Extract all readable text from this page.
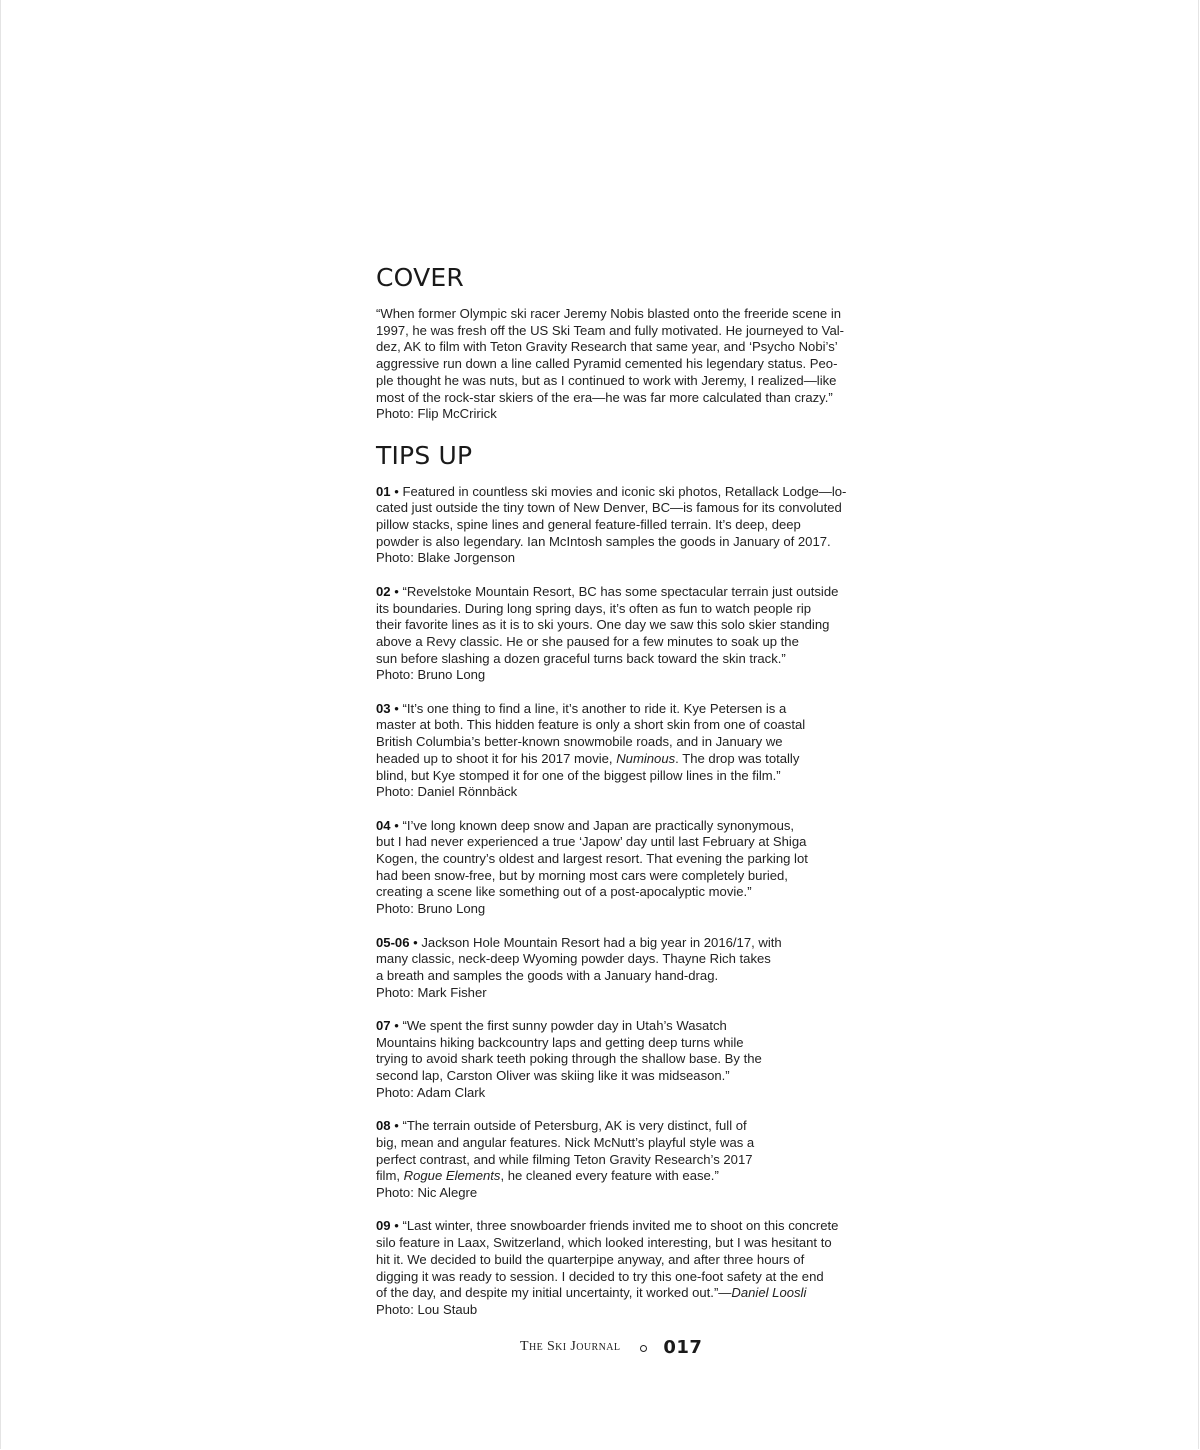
COVER

“When former Olympic ski racer Jeremy Nobis blasted onto the freeride scene in
1997, he was fresh off the US Ski Team and fully motivated. He journeyed to Val-
dez, AK to film with Teton Gravity Research that same year, and ‘Psycho Nobi’s’
aggressive run down a line called Pyramid cemented his legendary status. Peo-
ple thought he was nuts, but as I continued to work with Jeremy, I realized—like
most of the rock-star skiers of the era—he was far more calculated than crazy.”

Photo: Flip McCririck
TIPS UP

01 • Featured in countless ski movies and iconic ski photos, Retallack Lodge—lo-
cated just outside the tiny town of New Denver, BC—is famous for its convoluted
pillow stacks, spine lines and general feature-filled terrain. It’s deep, deep
powder is also legendary. Ian McIntosh samples the goods in January of 2017.

Photo: Blake Jorgenson

02 • “Revelstoke Mountain Resort, BC has some spectacular terrain just outside
its boundaries. During long spring days, it’s often as fun to watch people rip
their favorite lines as it is to ski yours. One day we saw this solo skier standing
above a Revy classic. He or she paused for a few minutes to soak up the
sun before slashing a dozen graceful turns back toward the skin track.”

Photo: Bruno Long

03 • “It’s one thing to find a line, it’s another to ride it. Kye Petersen is a
master at both. This hidden feature is only a short skin from one of coastal
British Columbia’s better-known snowmobile roads, and in January we
headed up to shoot it for his 2017 movie, Numinous. The drop was totally
blind, but Kye stomped it for one of the biggest pillow lines in the film.”

Photo: Daniel Rönnbäck

04 • “I’ve long known deep snow and Japan are practically synonymous,
but I had never experienced a true ‘Japow’ day until last February at Shiga
Kogen, the country’s oldest and largest resort. That evening the parking lot
had been snow-free, but by morning most cars were completely buried,
creating a scene like something out of a post-apocalyptic movie.”

Photo: Bruno Long

05-06 • Jackson Hole Mountain Resort had a big year in 2016/17, with
many classic, neck-deep Wyoming powder days. Thayne Rich takes
a breath and samples the goods with a January hand-drag.

Photo: Mark Fisher

07 • “We spent the first sunny powder day in Utah’s Wasatch
Mountains hiking backcountry laps and getting deep turns while
trying to avoid shark teeth poking through the shallow base. By the
second lap, Carston Oliver was skiing like it was midseason.”

Photo: Adam Clark

08 • “The terrain outside of Petersburg, AK is very distinct, full of
big, mean and angular features. Nick McNutt’s playful style was a
perfect contrast, and while filming Teton Gravity Research’s 2017
film, Rogue Elements, he cleaned every feature with ease.”

Photo: Nic Alegre

09 • “Last winter, three snowboarder friends invited me to shoot on this concrete
silo feature in Laax, Switzerland, which looked interesting, but I was hesitant to
hit it. We decided to build the quarterpipe anyway, and after three hours of
digging it was ready to session. I decided to try this one-foot safety at the end
of the day, and despite my initial uncertainty, it worked out.”—Daniel Loosli

Photo: Lou Staub
The Ski Journal 017
